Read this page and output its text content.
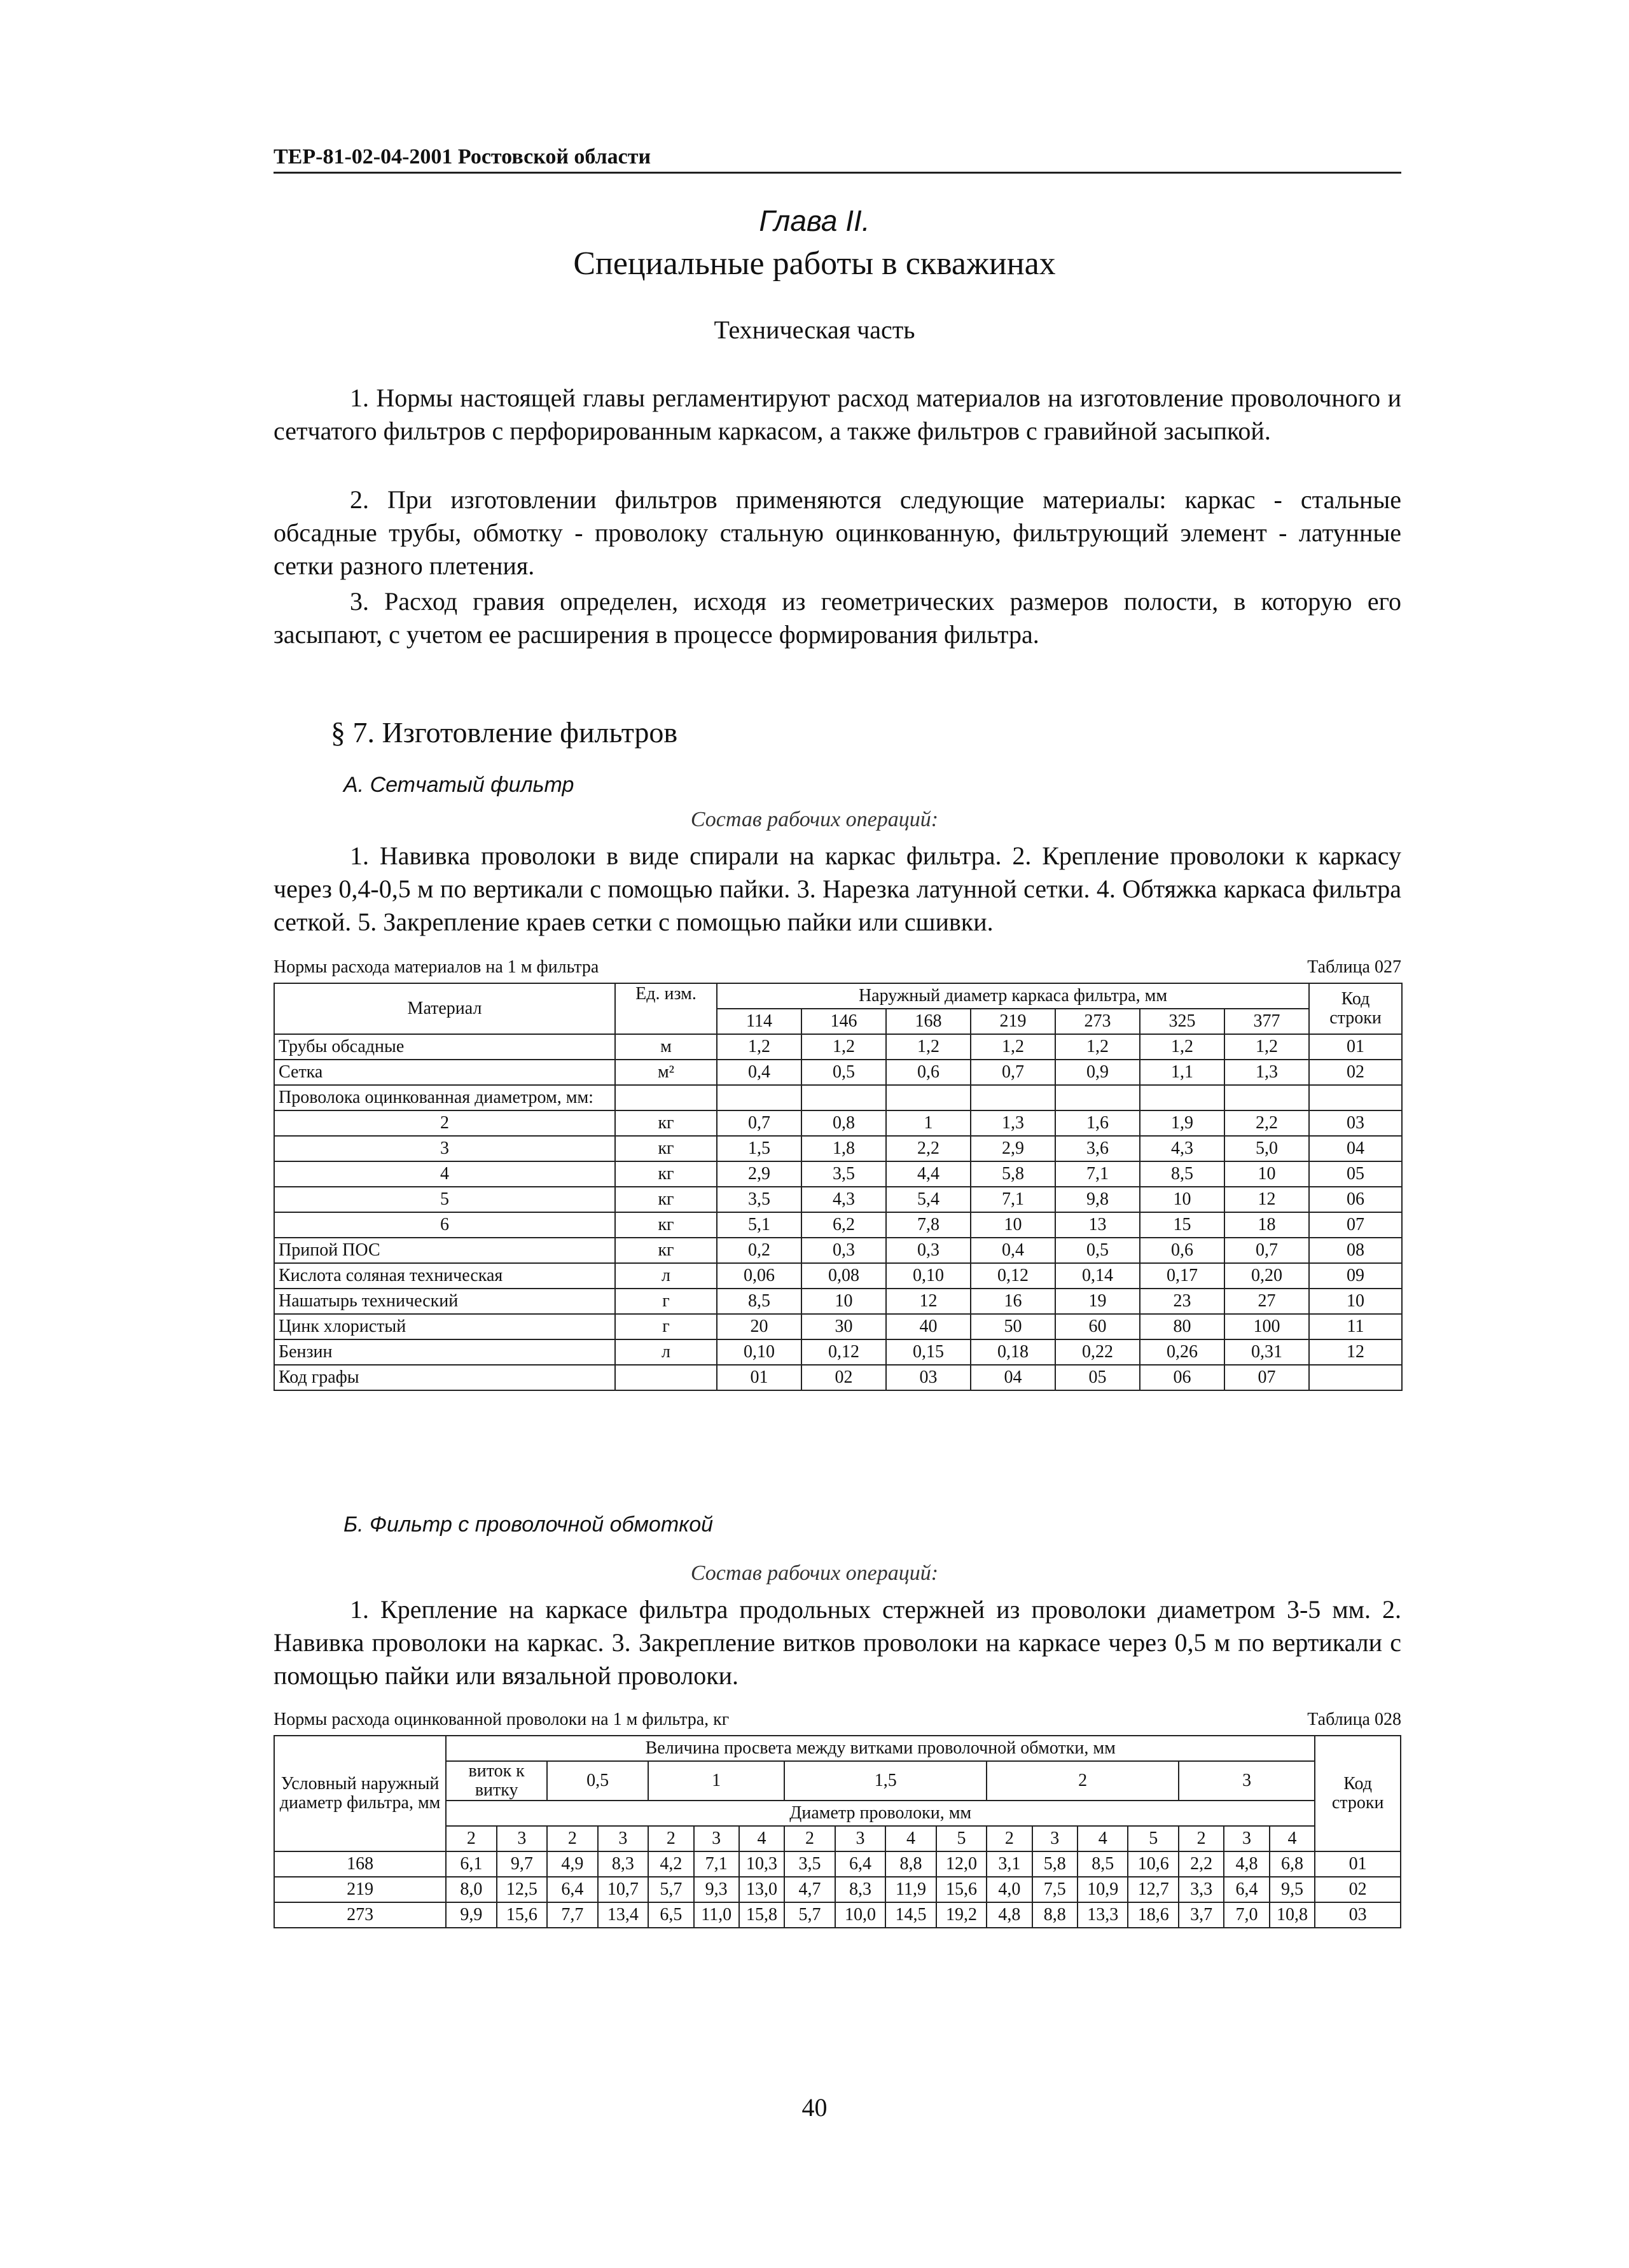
ТЕР-81-02-04-2001 Ростовской области
Глава II.
Специальные работы в скважинах
Техническая часть

1. Нормы настоящей главы регламентируют расход материалов на изготовление проволочного и сетчатого фильтров с перфорированным каркасом, а также фильтров с гравийной засыпкой.

2. При изготовлении фильтров применяются следующие материалы: каркас - стальные обсадные трубы, обмотку - проволоку стальную оцинкованную, фильтрующий элемент - латунные сетки разного плетения.

3. Расход гравия определен, исходя из геометрических размеров полости, в которую его засыпают, с учетом ее расширения в процессе формирования фильтра.

§ 7. Изготовление фильтров
А. Сетчатый фильтр
Состав рабочих операций:

1. Навивка проволоки в виде спирали на каркас фильтра. 2. Крепление проволоки к каркасу через 0,4-0,5 м по вертикали с помощью пайки. 3. Нарезка латунной сетки. 4. Обтяжка каркаса фильтра сеткой. 5. Закрепление краев сетки с помощью пайки или сшивки.

Нормы расхода материалов на 1 м фильтра	Таблица 027
Материал	Ед. изм.	Наружный диаметр каркаса фильтра, мм							Код строки
		114	146	168	219	273	325	377	
Трубы обсадные	м	1,2	1,2	1,2	1,2	1,2	1,2	1,2	01
Сетка	м²	0,4	0,5	0,6	0,7	0,9	1,1	1,3	02
Проволока оцинкованная диаметром, мм:									
2	кг	0,7	0,8	1	1,3	1,6	1,9	2,2	03
3	кг	1,5	1,8	2,2	2,9	3,6	4,3	5,0	04
4	кг	2,9	3,5	4,4	5,8	7,1	8,5	10	05
5	кг	3,5	4,3	5,4	7,1	9,8	10	12	06
6	кг	5,1	6,2	7,8	10	13	15	18	07
Припой ПОС	кг	0,2	0,3	0,3	0,4	0,5	0,6	0,7	08
Кислота соляная техническая	л	0,06	0,08	0,10	0,12	0,14	0,17	0,20	09
Нашатырь технический	г	8,5	10	12	16	19	23	27	10
Цинк хлористый	г	20	30	40	50	60	80	100	11
Бензин	л	0,10	0,12	0,15	0,18	0,22	0,26	0,31	12
Код графы		01	02	03	04	05	06	07	
Б. Фильтр с проволочной обмоткой
Состав рабочих операций:

1. Крепление на каркасе фильтра продольных стержней из проволоки диаметром 3-5 мм. 2. Навивка проволоки на каркас. 3. Закрепление витков проволоки на каркасе через 0,5 м по вертикали с помощью пайки или вязальной проволоки.

Нормы расхода оцинкованной проволоки на 1 м фильтра, кг	Таблица 028
Условный наружный диаметр фильтра, мм	Величина просвета между витками проволочной обмотки, мм																		Код строки
	виток к витку		0,5		1			1,5				2				3			
	Диаметр проволоки, мм																		
	2	3	2	3	2	3	4	2	3	4	5	2	3	4	5	2	3	4	
168	6,1	9,7	4,9	8,3	4,2	7,1	10,3	3,5	6,4	8,8	12,0	3,1	5,8	8,5	10,6	2,2	4,8	6,8	01
219	8,0	12,5	6,4	10,7	5,7	9,3	13,0	4,7	8,3	11,9	15,6	4,0	7,5	10,9	12,7	3,3	6,4	9,5	02
273	9,9	15,6	7,7	13,4	6,5	11,0	15,8	5,7	10,0	14,5	19,2	4,8	8,8	13,3	18,6	3,7	7,0	10,8	03
40
